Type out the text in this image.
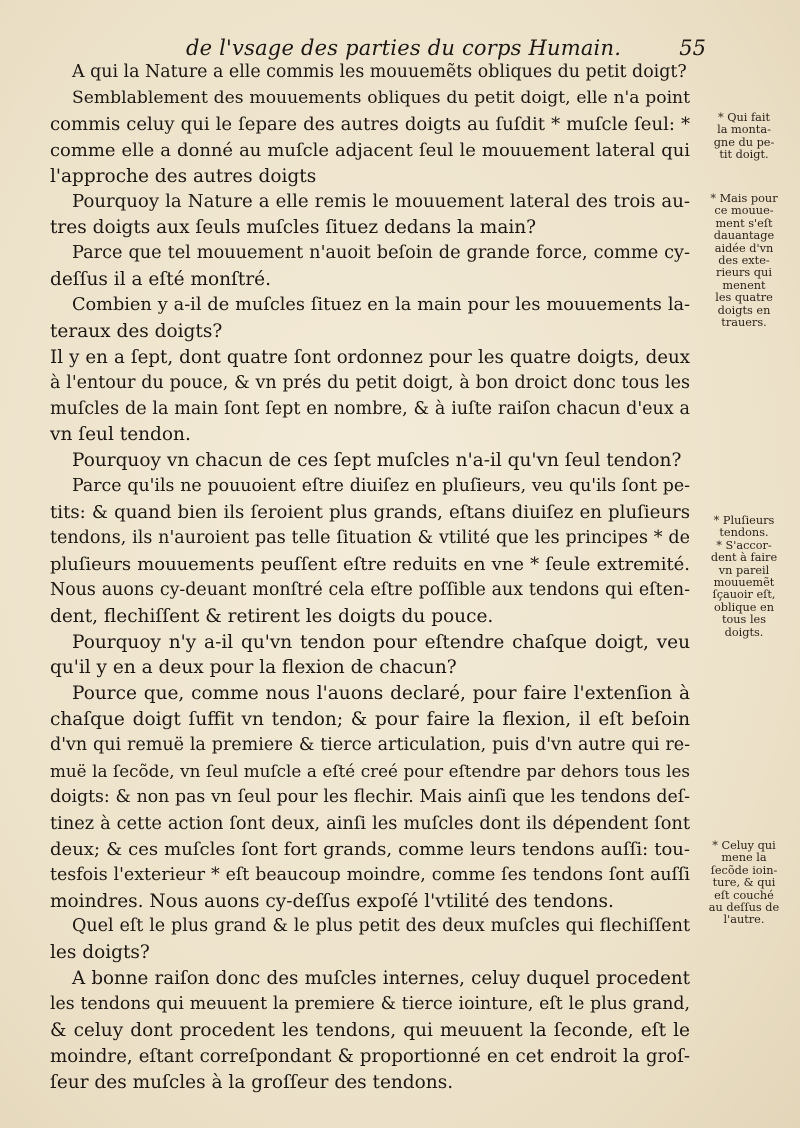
de l'vsage des parties du corps Humain.	55
A qui la Nature a elle commis les mouuemẽts obliques du petit doigt?
Semblablement des mouuements obliques du petit doigt, elle n'a point
commis celuy qui le ſepare des autres doigts au ſuſdit * muſcle ſeul: *
comme elle a donné au muſcle adjacent ſeul le mouuement lateral qui
l'approche des autres doigts
Pourquoy la Nature a elle remis le mouuement lateral des trois au-
tres doigts aux ſeuls muſcles ſituez dedans la main?
Parce que tel mouuement n'auoit beſoin de grande force, comme cy-
deſſus il a eſté monſtré.
Combien y a-il de muſcles ſituez en la main pour les mouuements la-
teraux des doigts?
Il y en a ſept, dont quatre ſont ordonnez pour les quatre doigts, deux
à l'entour du pouce, & vn prés du petit doigt, à bon droict donc tous les
muſcles de la main ſont ſept en nombre, & à iuſte raiſon chacun d'eux a
vn ſeul tendon.
Pourquoy vn chacun de ces ſept muſcles n'a-il qu'vn ſeul tendon?
Parce qu'ils ne pouuoient eſtre diuiſez en pluſieurs, veu qu'ils ſont pe-
tits: & quand bien ils ſeroient plus grands, eſtans diuiſez en pluſieurs
tendons, ils n'auroient pas telle ſituation & vtilité que les principes * de
pluſieurs mouuements peuſſent eſtre reduits en vne * ſeule extremité.
Nous auons cy-deuant monſtré cela eſtre poſſible aux tendons qui eſten-
dent, flechiſſent & retirent les doigts du pouce.
Pourquoy n'y a-il qu'vn tendon pour eſtendre chaſque doigt, veu
qu'il y en a deux pour la flexion de chacun?
Pource que, comme nous l'auons declaré, pour faire l'extenſion à
chaſque doigt ſuffit vn tendon; & pour faire la flexion, il eſt beſoin
d'vn qui remuë la premiere & tierce articulation, puis d'vn autre qui re-
muë la ſecõde, vn ſeul muſcle a eſté creé pour eſtendre par dehors tous les
doigts: & non pas vn ſeul pour les flechir. Mais ainſi que les tendons deſ-
tinez à cette action ſont deux, ainſi les muſcles dont ils dépendent ſont
deux; & ces muſcles ſont fort grands, comme leurs tendons auſſi: tou-
tesfois l'exterieur * eſt beaucoup moindre, comme ſes tendons ſont auſſi
moindres. Nous auons cy-deſſus expoſé l'vtilité des tendons.
Quel eſt le plus grand & le plus petit des deux muſcles qui flechiſſent
les doigts?
A bonne raiſon donc des muſcles internes, celuy duquel procedent
les tendons qui meuuent la premiere & tierce iointure, eſt le plus grand,
& celuy dont procedent les tendons, qui meuuent la ſeconde, eſt le
moindre, eſtant correſpondant & proportionné en cet endroit la groſ-
ſeur des muſcles à la groſſeur des tendons.
* Qui fait
la monta-
gne du pe-
tit doigt.
* Mais pour
ce mouue-
ment s'eſt
dauantage
aidée d'vn
des exte-
rieurs qui
menent
les quatre
doigts en
trauers.
* Pluſieurs
tendons.
* S'accor-
dent à faire
vn pareil
mouuemẽt
ſçauoir eſt,
oblique en
tous les
doigts.
* Celuy qui
mene la
ſecõde ioin-
ture, & qui
eſt couché
au deſſus de
l'autre.
